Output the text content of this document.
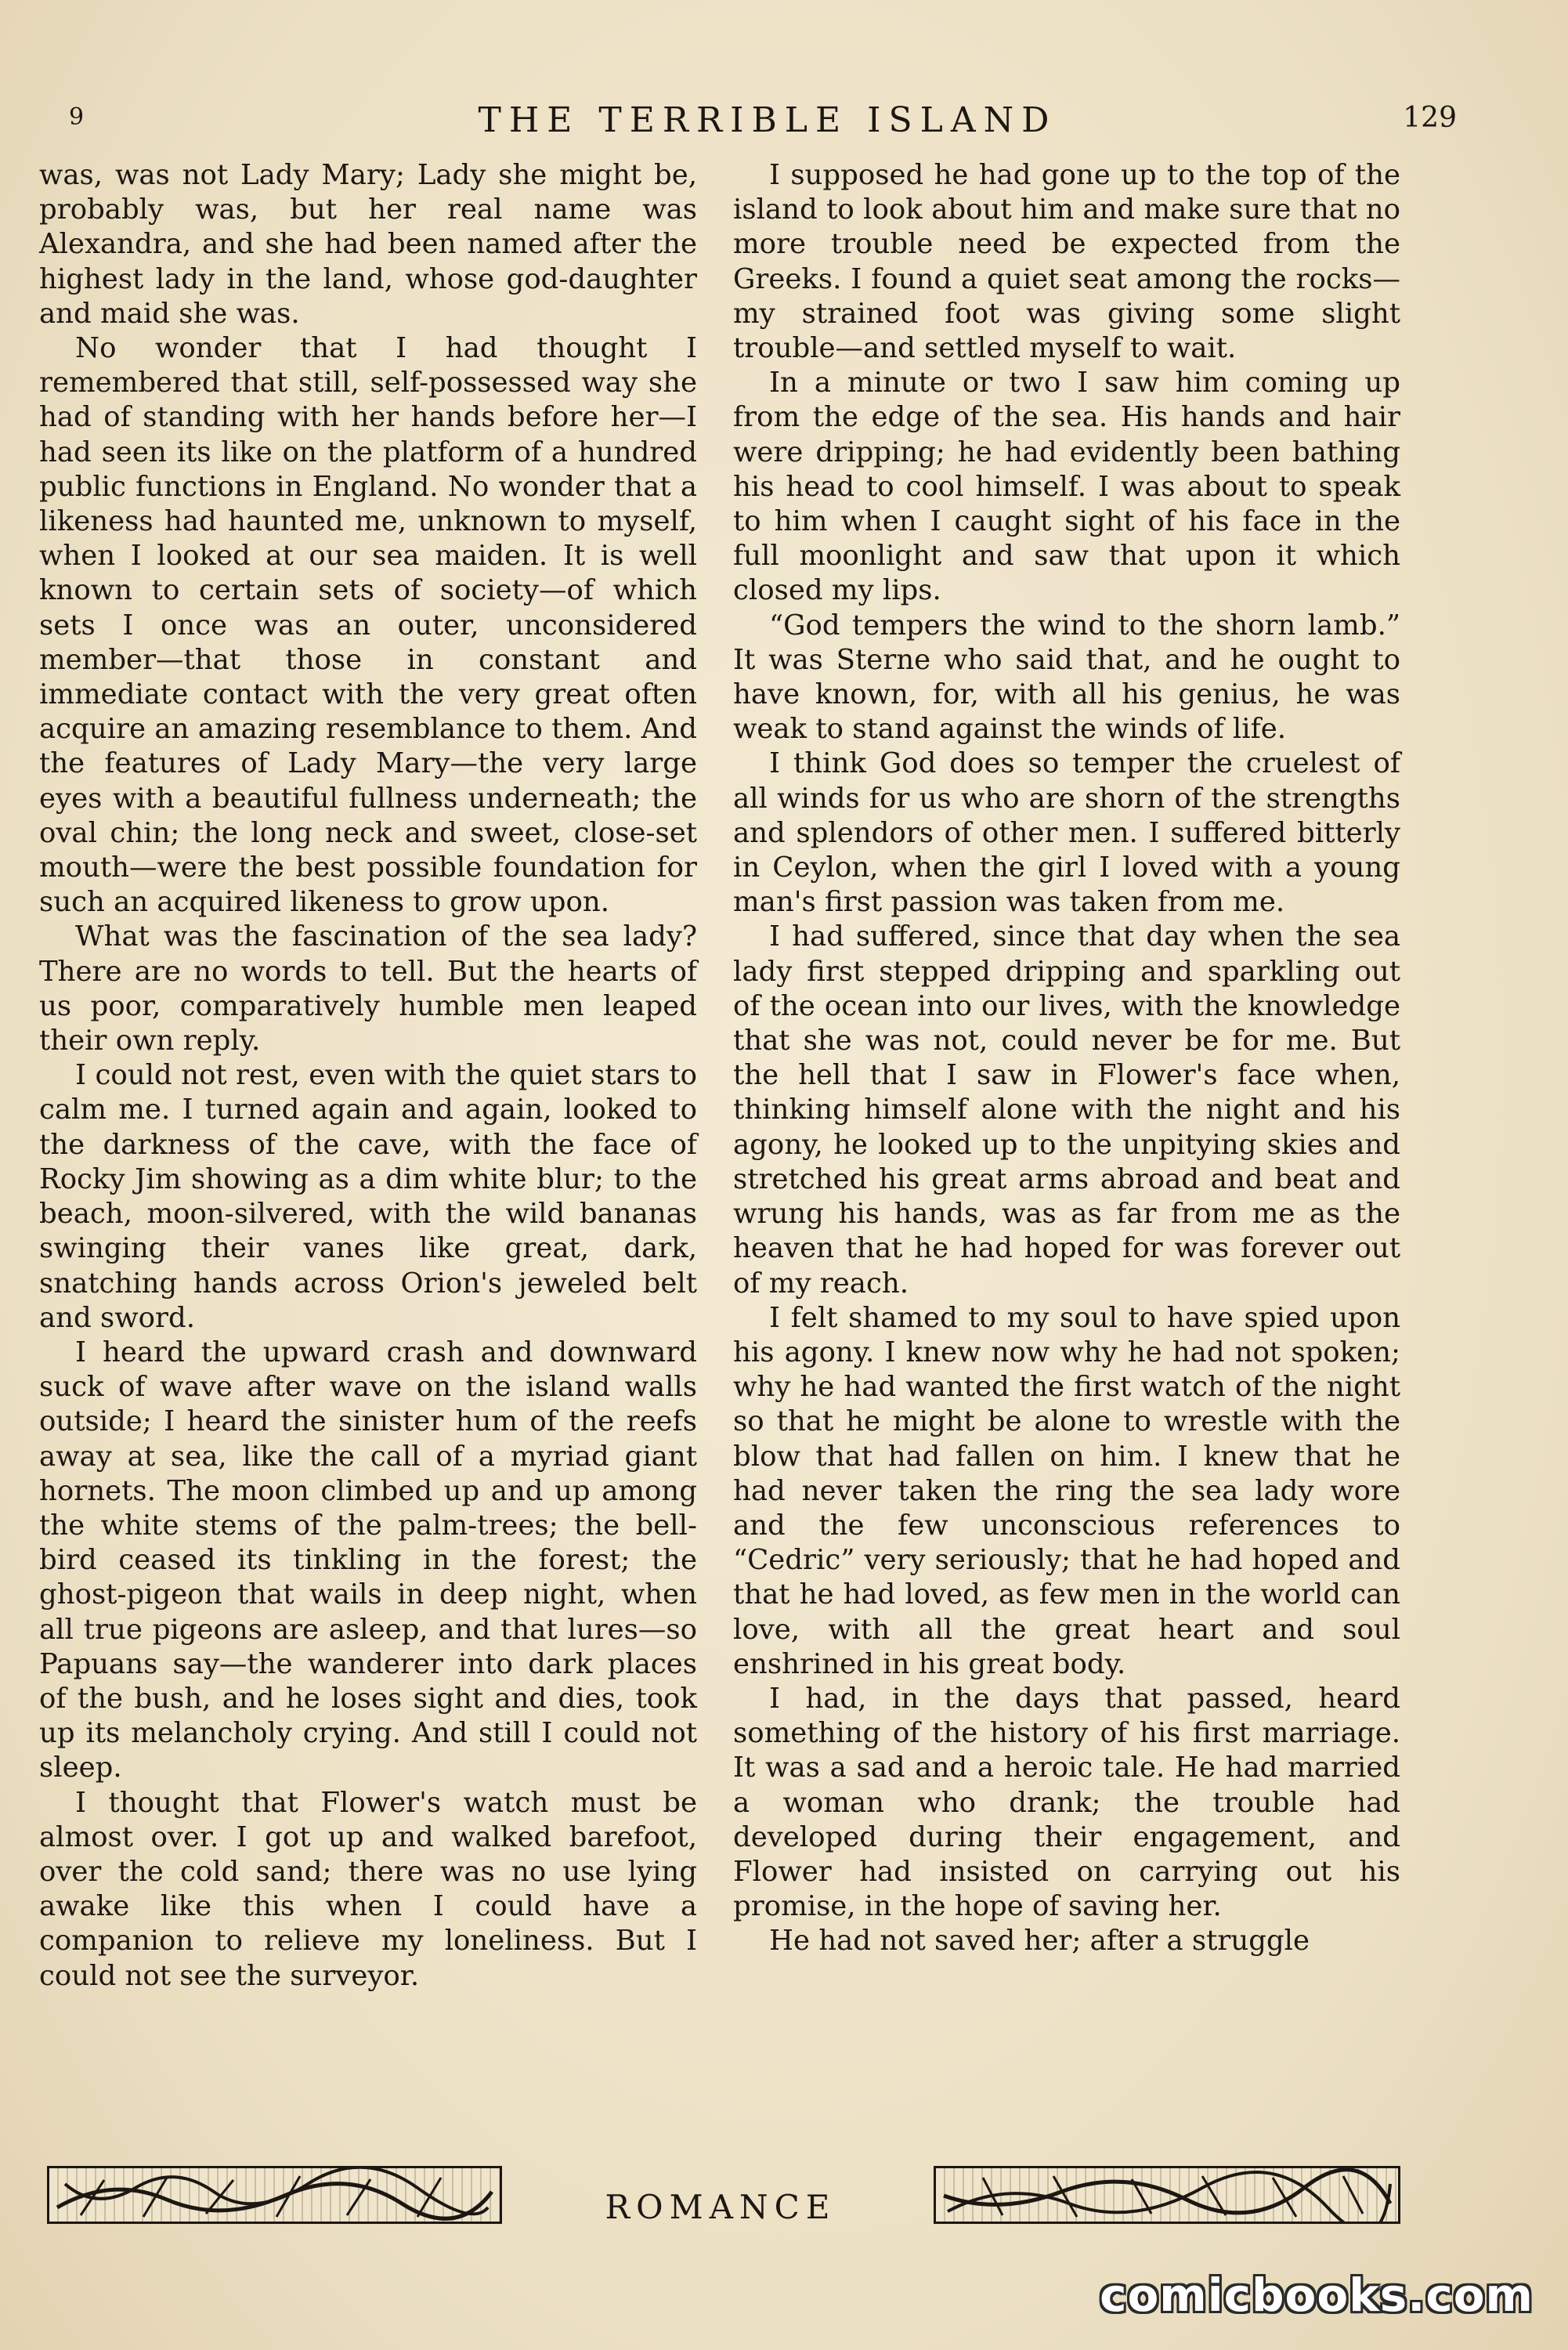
9	THE TERRIBLE ISLAND	129

was, was not Lady Mary; Lady she might be, probably was, but her real name was Alexandra, and she had been named after the highest lady in the land, whose god-daughter and maid she was.

No wonder that I had thought I remembered that still, self-possessed way she had of standing with her hands before her—I had seen its like on the platform of a hundred public functions in England. No wonder that a likeness had haunted me, unknown to myself, when I looked at our sea maiden. It is well known to certain sets of society—of which sets I once was an outer, unconsidered member—that those in constant and immediate contact with the very great often acquire an amazing resemblance to them. And the features of Lady Mary—the very large eyes with a beautiful fullness underneath; the oval chin; the long neck and sweet, close-set mouth—were the best possible foundation for such an acquired likeness to grow upon.

What was the fascination of the sea lady? There are no words to tell. But the hearts of us poor, comparatively humble men leaped their own reply.

I could not rest, even with the quiet stars to calm me. I turned again and again, looked to the darkness of the cave, with the face of Rocky Jim showing as a dim white blur; to the beach, moon-silvered, with the wild bananas swinging their vanes like great, dark, snatching hands across Orion's jeweled belt and sword.

I heard the upward crash and downward suck of wave after wave on the island walls outside; I heard the sinister hum of the reefs away at sea, like the call of a myriad giant hornets. The moon climbed up and up among the white stems of the palm-trees; the bell-bird ceased its tinkling in the forest; the ghost-pigeon that wails in deep night, when all true pigeons are asleep, and that lures—so Papuans say—the wanderer into dark places of the bush, and he loses sight and dies, took up its melancholy crying. And still I could not sleep.

I thought that Flower's watch must be almost over. I got up and walked barefoot, over the cold sand; there was no use lying awake like this when I could have a companion to relieve my loneliness. But I could not see the surveyor.

I supposed he had gone up to the top of the island to look about him and make sure that no more trouble need be expected from the Greeks. I found a quiet seat among the rocks—my strained foot was giving some slight trouble—and settled myself to wait.

In a minute or two I saw him coming up from the edge of the sea. His hands and hair were dripping; he had evidently been bathing his head to cool himself. I was about to speak to him when I caught sight of his face in the full moonlight and saw that upon it which closed my lips.

“God tempers the wind to the shorn lamb.” It was Sterne who said that, and he ought to have known, for, with all his genius, he was weak to stand against the winds of life.

I think God does so temper the cruelest of all winds for us who are shorn of the strengths and splendors of other men. I suffered bitterly in Ceylon, when the girl I loved with a young man's first passion was taken from me.

I had suffered, since that day when the sea lady first stepped dripping and sparkling out of the ocean into our lives, with the knowledge that she was not, could never be for me. But the hell that I saw in Flower's face when, thinking himself alone with the night and his agony, he looked up to the unpitying skies and stretched his great arms abroad and beat and wrung his hands, was as far from me as the heaven that he had hoped for was forever out of my reach.

I felt shamed to my soul to have spied upon his agony. I knew now why he had not spoken; why he had wanted the first watch of the night so that he might be alone to wrestle with the blow that had fallen on him. I knew that he had never taken the ring the sea lady wore and the few unconscious references to “Cedric” very seriously; that he had hoped and that he had loved, as few men in the world can love, with all the great heart and soul enshrined in his great body.

I had, in the days that passed, heard something of the history of his first marriage. It was a sad and a heroic tale. He had married a woman who drank; the trouble had developed during their engagement, and Flower had insisted on carrying out his promise, in the hope of saving her.

He had not saved her; after a struggle

ROMANCE
comicbooks.com
